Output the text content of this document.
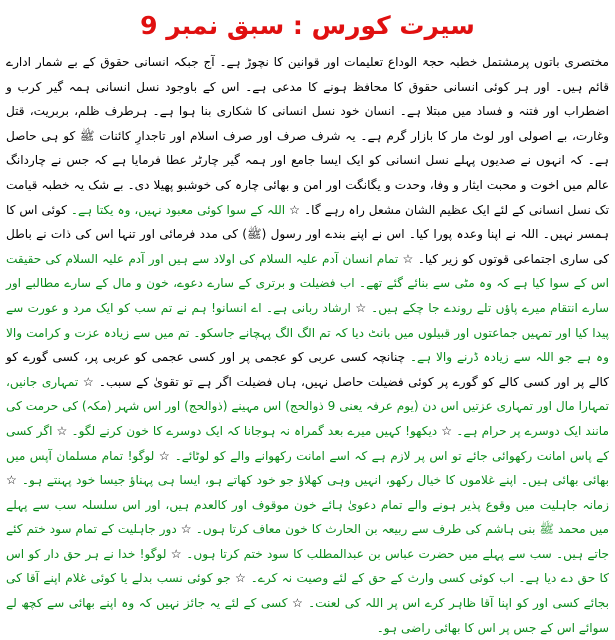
سیرت کورس : سبق نمبر 9

مختصری باتوں پرمشتمل خطبہ حجۃ الوداع تعلیمات اور قوانین کا نچوڑ ہے۔ آج جبکہ انسانی حقوق کے بے شمار ادارے قائم ہیں۔ اور ہر کوئی انسانی حقوق کا محافظ ہونے کا مدعی ہے۔ اس کے باوجود نسل انسانی ہمہ گیر کرب و اضطراب اور فتنہ و فساد میں مبتلا ہے۔ انسان خود نسل انسانی کا شکاری بنا ہوا ہے۔ ہرطرف ظلم، بربریت، قتل وغارت، بے اصولی اور لوٹ مار کا بازار گرم ہے۔ یہ شرف صرف اور صرف اسلام اور تاجدارِ کائنات ﷺ کو ہی حاصل ہے۔ کہ انہوں نے صدیوں پہلے نسل انسانی کو ایک ایسا جامع اور ہمہ گیر چارٹر عطا فرمایا ہے کہ جس نے چاردانگ عالم میں اخوت و محبت ایثار و وفا، وحدت و یگانگت اور امن و بھائی چارہ کی خوشبو پھیلا دی۔ بے شک یہ خطبہ قیامت تک نسل انسانی کے لئے ایک عظیم الشان مشعل راہ رہے گا۔ ☆ اللہ کے سوا کوئی معبود نہیں، وہ یکتا ہے۔ کوئی اس کا ہمسر نہیں۔ اللہ نے اپنا وعدہ پورا کیا۔ اس نے اپنے بندے اور رسول (ﷺ) کی مدد فرمائی اور تنہا اس کی ذات نے باطل کی ساری اجتماعی قوتوں کو زیر کیا۔ ☆ تمام انسان آدم علیہ السلام کی اولاد سے ہیں اور آدم علیہ السلام کی حقیقت اس کے سوا کیا ہے کہ وہ مٹی سے بنائے گئے تھے۔ اب فضیلت و برتری کے سارے دعوے، خون و مال کے سارے مطالبے اور سارے انتقام میرے پاؤں تلے روندے جا چکے ہیں۔ ☆ ارشاد ربانی ہے۔ اے انسانو! ہم نے تم سب کو ایک مرد و عورت سے پیدا کیا اور تمہیں جماعتوں اور قبیلوں میں بانٹ دیا کہ تم الگ الگ پہچانے جاسکو۔ تم میں سے زیادہ عزت و کرامت والا وہ ہے جو اللہ سے زیادہ ڈرنے والا ہے۔ چنانچہ کسی عربی کو عجمی پر اور کسی عجمی کو عربی پر، کسی گورے کو کالے پر اور کسی کالے کو گورے پر کوئی فضیلت حاصل نہیں، ہاں فضیلت اگر ہے تو تقویٰ کے سبب۔ ☆ تمہاری جانیں، تمہارا مال اور تمہاری عزتیں اس دن (یوم عرفہ یعنی 9 ذوالحج) اس مہینے (ذوالحج) اور اس شہر (مکہ) کی حرمت کی مانند ایک دوسرے پر حرام ہے۔ ☆ دیکھو! کہیں میرے بعد گمراہ نہ ہوجانا کہ ایک دوسرے کا خون کرنے لگو۔ ☆ اگر کسی کے پاس امانت رکھوائی جائے تو اس پر لازم ہے کہ اسے امانت رکھوانے والے کو لوٹائے۔ ☆ لوگو! تمام مسلمان آپس میں بھائی بھائی ہیں۔ اپنے غلاموں کا خیال رکھو، انہیں وہی کھلاؤ جو خود کھاتے ہو، ایسا ہی پہناؤ جیسا خود پہنتے ہو۔ ☆ زمانہ جاہلیت میں وقوع پذیر ہونے والے تمام دعویٰ ہائے خون موقوف اور کالعدم ہیں، اور اس سلسلہ سب سے پہلے میں محمد ﷺ بنی ہاشم کی طرف سے ربیعہ بن الحارث کا خون معاف کرتا ہوں۔ ☆ دور جاہلیت کے تمام سود ختم کئے جاتے ہیں۔ سب سے پہلے میں حضرت عباس بن عبدالمطلب کا سود ختم کرتا ہوں۔ ☆ لوگو! خدا نے ہر حق دار کو اس کا حق دے دیا ہے۔ اب کوئی کسی وارث کے حق کے لئے وصیت نہ کرے۔ ☆ جو کوئی نسب بدلے یا کوئی غلام اپنے آقا کی بجائے کسی اور کو اپنا آقا ظاہر کرے اس پر اللہ کی لعنت۔ ☆ کسی کے لئے یہ جائز نہیں کہ وہ اپنے بھائی سے کچھ لے سوائے اس کے جس پر اس کا بھائی راضی ہو۔
